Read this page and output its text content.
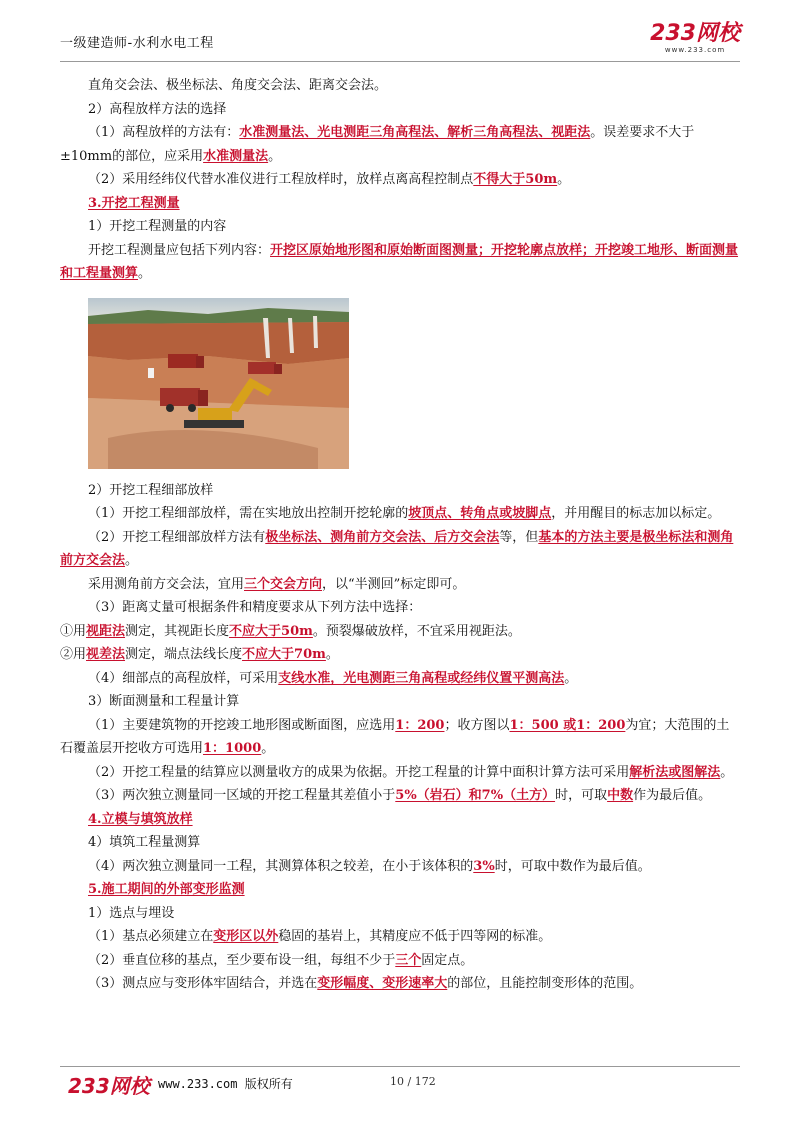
一级建造师-水利水电工程	233网校
www.233.com

直角交会法、极坐标法、角度交会法、距离交会法。

2）高程放样方法的选择

（1）高程放样的方法有：水准测量法、光电测距三角高程法、解析三角高程法、视距法。误差要求不大于±10mm的部位，应采用水准测量法。

（2）采用经纬仪代替水准仪进行工程放样时，放样点离高程控制点不得大于50m。

3.开挖工程测量

1）开挖工程测量的内容

开挖工程测量应包括下列内容：开挖区原始地形图和原始断面图测量；开挖轮廓点放样；开挖竣工地形、断面测量和工程量测算。

2）开挖工程细部放样

（1）开挖工程细部放样，需在实地放出控制开挖轮廓的坡顶点、转角点或坡脚点，并用醒目的标志加以标定。

（2）开挖工程细部放样方法有极坐标法、测角前方交会法、后方交会法等，但基本的方法主要是极坐标法和测角前方交会法。

采用测角前方交会法，宜用三个交会方向，以“半测回”标定即可。

（3）距离丈量可根据条件和精度要求从下列方法中选择：

①用视距法测定，其视距长度不应大于50m。预裂爆破放样，不宜采用视距法。

②用视差法测定，端点法线长度不应大于70m。

（4）细部点的高程放样，可采用支线水准，光电测距三角高程或经纬仪置平测高法。

3）断面测量和工程量计算

（1）主要建筑物的开挖竣工地形图或断面图，应选用1：200；收方图以1：500 或1：200为宜；大范围的土石覆盖层开挖收方可选用1：1000。

（2）开挖工程量的结算应以测量收方的成果为依据。开挖工程量的计算中面积计算方法可采用解析法或图解法。

（3）两次独立测量同一区域的开挖工程量其差值小于5%（岩石）和7%（土方）时，可取中数作为最后值。

4.立模与填筑放样

4）填筑工程量测算

（4）两次独立测量同一工程，其测算体积之较差，在小于该体积的3%时，可取中数作为最后值。

5.施工期间的外部变形监测

1）选点与埋设

（1）基点必须建立在变形区以外稳固的基岩上，其精度应不低于四等网的标准。

（2）垂直位移的基点，至少要布设一组，每组不少于三个固定点。

（3）测点应与变形体牢固结合，并选在变形幅度、变形速率大的部位，且能控制变形体的范围。

233网校 www.233.com 版权所有	10 / 172
